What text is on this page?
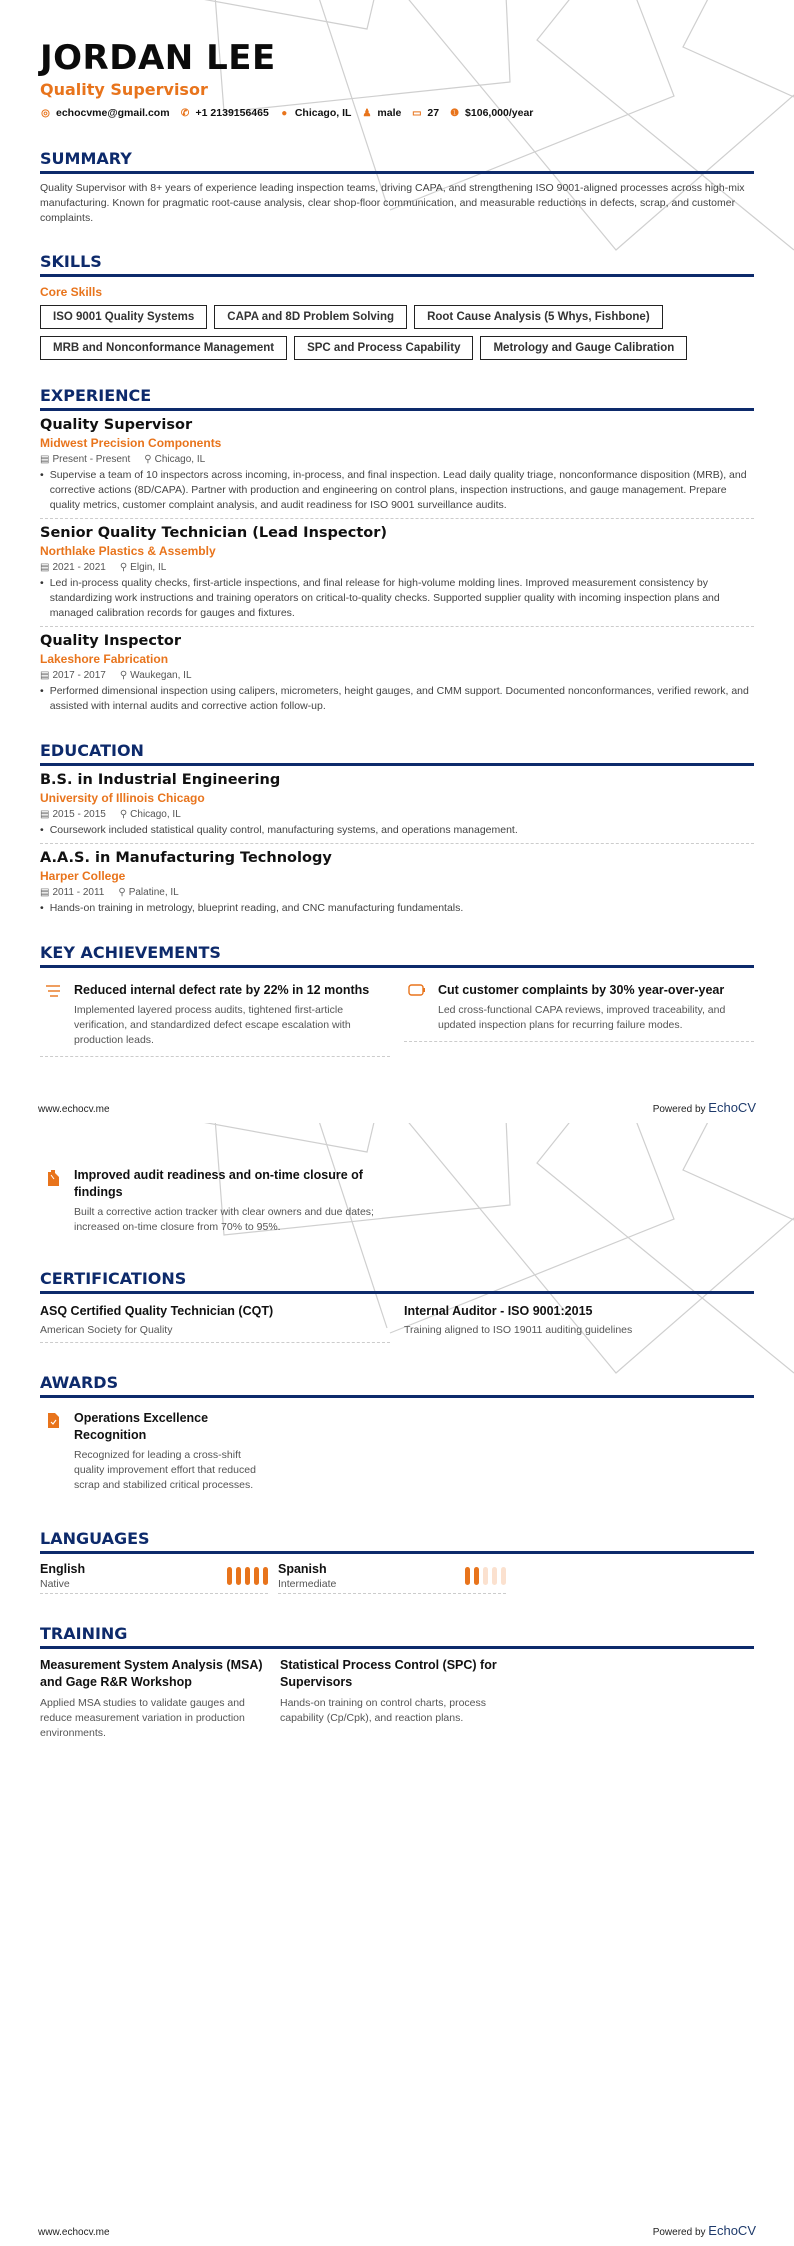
JORDAN LEE
Quality Supervisor
◎ echocvme@gmail.com ✆ +1 2139156465 ● Chicago, IL ♟ male ▭ 27 ❶ $106,000/year
SUMMARY
Quality Supervisor with 8+ years of experience leading inspection teams, driving CAPA, and strengthening ISO 9001-aligned processes across high-mix manufacturing. Known for pragmatic root-cause analysis, clear shop-floor communication, and measurable reductions in defects, scrap, and customer complaints.
SKILLS
Core Skills
ISO 9001 Quality Systems	CAPA and 8D Problem Solving	Root Cause Analysis (5 Whys, Fishbone)
MRB and Nonconformance Management	SPC and Process Capability	Metrology and Gauge Calibration
EXPERIENCE
Quality Supervisor
Midwest Precision Components
▤ Present - Present ⚲ Chicago, IL
• Supervise a team of 10 inspectors across incoming, in-process, and final inspection. Lead daily quality triage, nonconformance disposition (MRB), and corrective actions (8D/CAPA). Partner with production and engineering on control plans, inspection instructions, and gauge management. Prepare quality metrics, customer complaint analysis, and audit readiness for ISO 9001 surveillance audits.
Senior Quality Technician (Lead Inspector)
Northlake Plastics & Assembly
▤ 2021 - 2021 ⚲ Elgin, IL
• Led in-process quality checks, first-article inspections, and final release for high-volume molding lines. Improved measurement consistency by standardizing work instructions and training operators on critical-to-quality checks. Supported supplier quality with incoming inspection plans and managed calibration records for gauges and fixtures.
Quality Inspector
Lakeshore Fabrication
▤ 2017 - 2017 ⚲ Waukegan, IL
• Performed dimensional inspection using calipers, micrometers, height gauges, and CMM support. Documented nonconformances, verified rework, and assisted with internal audits and corrective action follow-up.
EDUCATION
B.S. in Industrial Engineering
University of Illinois Chicago
▤ 2015 - 2015 ⚲ Chicago, IL
• Coursework included statistical quality control, manufacturing systems, and operations management.
A.A.S. in Manufacturing Technology
Harper College
▤ 2011 - 2011 ⚲ Palatine, IL
• Hands-on training in metrology, blueprint reading, and CNC manufacturing fundamentals.
KEY ACHIEVEMENTS
Reduced internal defect rate by 22% in 12 months
Implemented layered process audits, tightened first-article verification, and standardized defect escape escalation with production leads.
Cut customer complaints by 30% year-over-year
Led cross-functional CAPA reviews, improved traceability, and updated inspection plans for recurring failure modes.
www.echocv.me	Powered by EchoCV
Improved audit readiness and on-time closure of findings
Built a corrective action tracker with clear owners and due dates; increased on-time closure from 70% to 95%.
CERTIFICATIONS
ASQ Certified Quality Technician (CQT)
American Society for Quality
Internal Auditor - ISO 9001:2015
Training aligned to ISO 19011 auditing guidelines
AWARDS
Operations Excellence Recognition
Recognized for leading a cross-shift quality improvement effort that reduced scrap and stabilized critical processes.
LANGUAGES
English
Native
Spanish
Intermediate
TRAINING
Measurement System Analysis (MSA) and Gage R&R Workshop
Applied MSA studies to validate gauges and reduce measurement variation in production environments.
Statistical Process Control (SPC) for Supervisors
Hands-on training on control charts, process capability (Cp/Cpk), and reaction plans.
www.echocv.me	Powered by EchoCV
